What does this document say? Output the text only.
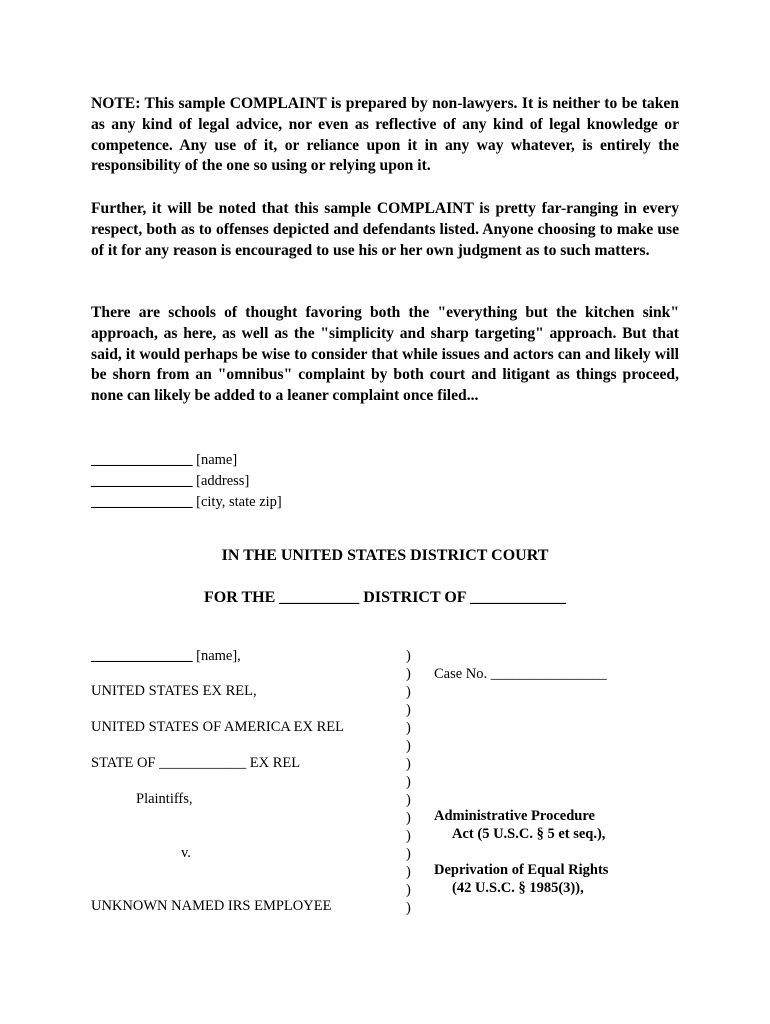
NOTE: This sample COMPLAINT is prepared by non-lawyers. It is neither to be taken as any kind of legal advice, nor even as reflective of any kind of legal knowledge or competence. Any use of it, or reliance upon it in any way whatever, is entirely the responsibility of the one so using or relying upon it.

Further, it will be noted that this sample COMPLAINT is pretty far-ranging in every respect, both as to offenses depicted and defendants listed. Anyone choosing to make use of it for any reason is encouraged to use his or her own judgment as to such matters.

There are schools of thought favoring both the "everything but the kitchen sink" approach, as here, as well as the "simplicity and sharp targeting" approach. But that said, it would perhaps be wise to consider that while issues and actors can and likely will be shorn from an "omnibus" complaint by both court and litigant as things proceed, none can likely be added to a leaner complaint once filed...

______________ [name]

______________ [address]

______________ [city, state zip]

IN THE UNITED STATES DISTRICT COURT

FOR THE __________ DISTRICT OF ____________

______________ [name],

UNITED STATES EX REL,

UNITED STATES OF AMERICA EX REL

STATE OF ____________ EX REL

Plaintiffs,

v.

UNKNOWN NAMED IRS EMPLOYEE

)
)
)
)
)
)
)
)
)
)
)
)
)
)
)

Case No. ________________

Administrative Procedure
Act (5 U.S.C. § 5 et seq.),
Deprivation of Equal Rights
(42 U.S.C. § 1985(3)),
